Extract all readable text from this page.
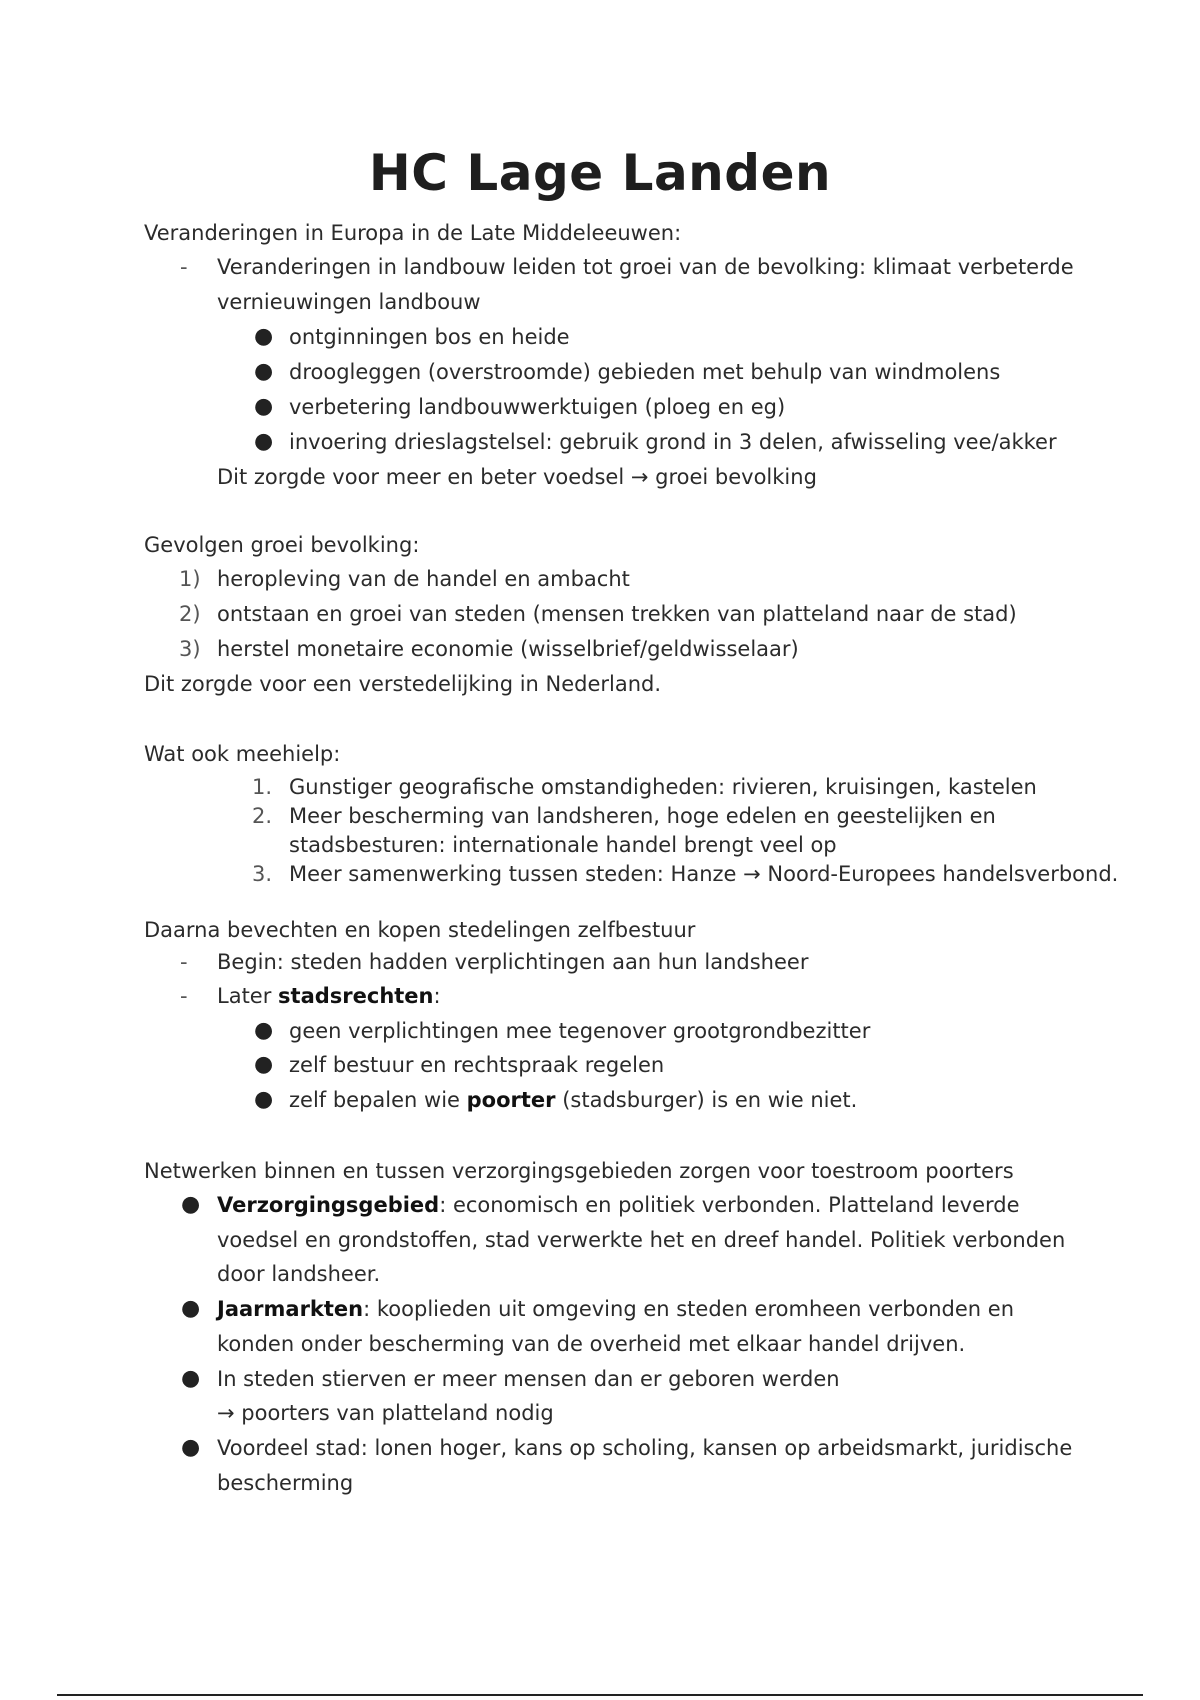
HC Lage Landen
Veranderingen in Europa in de Late Middeleeuwen:
- Veranderingen in landbouw leiden tot groei van de bevolking: klimaat verbeterde
vernieuwingen landbouw
● ontginningen bos en heide
● droogleggen (overstroomde) gebieden met behulp van windmolens
● verbetering landbouwwerktuigen (ploeg en eg)
● invoering drieslagstelsel: gebruik grond in 3 delen, afwisseling vee/akker
Dit zorgde voor meer en beter voedsel → groei bevolking
Gevolgen groei bevolking:
1) heropleving van de handel en ambacht
2) ontstaan en groei van steden (mensen trekken van platteland naar de stad)
3) herstel monetaire economie (wisselbrief/geldwisselaar)
Dit zorgde voor een verstedelijking in Nederland.
Wat ook meehielp:
1. Gunstiger geografische omstandigheden: rivieren, kruisingen, kastelen
2. Meer bescherming van landsheren, hoge edelen en geestelijken en
stadsbesturen: internationale handel brengt veel op
3. Meer samenwerking tussen steden: Hanze → Noord-Europees handelsverbond.
Daarna bevechten en kopen stedelingen zelfbestuur
- Begin: steden hadden verplichtingen aan hun landsheer
- Later stadsrechten:
● geen verplichtingen mee tegenover grootgrondbezitter
● zelf bestuur en rechtspraak regelen
● zelf bepalen wie poorter (stadsburger) is en wie niet.
Netwerken binnen en tussen verzorgingsgebieden zorgen voor toestroom poorters
● Verzorgingsgebied: economisch en politiek verbonden. Platteland leverde
voedsel en grondstoffen, stad verwerkte het en dreef handel. Politiek verbonden
door landsheer.
● Jaarmarkten: kooplieden uit omgeving en steden eromheen verbonden en
konden onder bescherming van de overheid met elkaar handel drijven.
● In steden stierven er meer mensen dan er geboren werden
→ poorters van platteland nodig
● Voordeel stad: lonen hoger, kans op scholing, kansen op arbeidsmarkt, juridische
bescherming
